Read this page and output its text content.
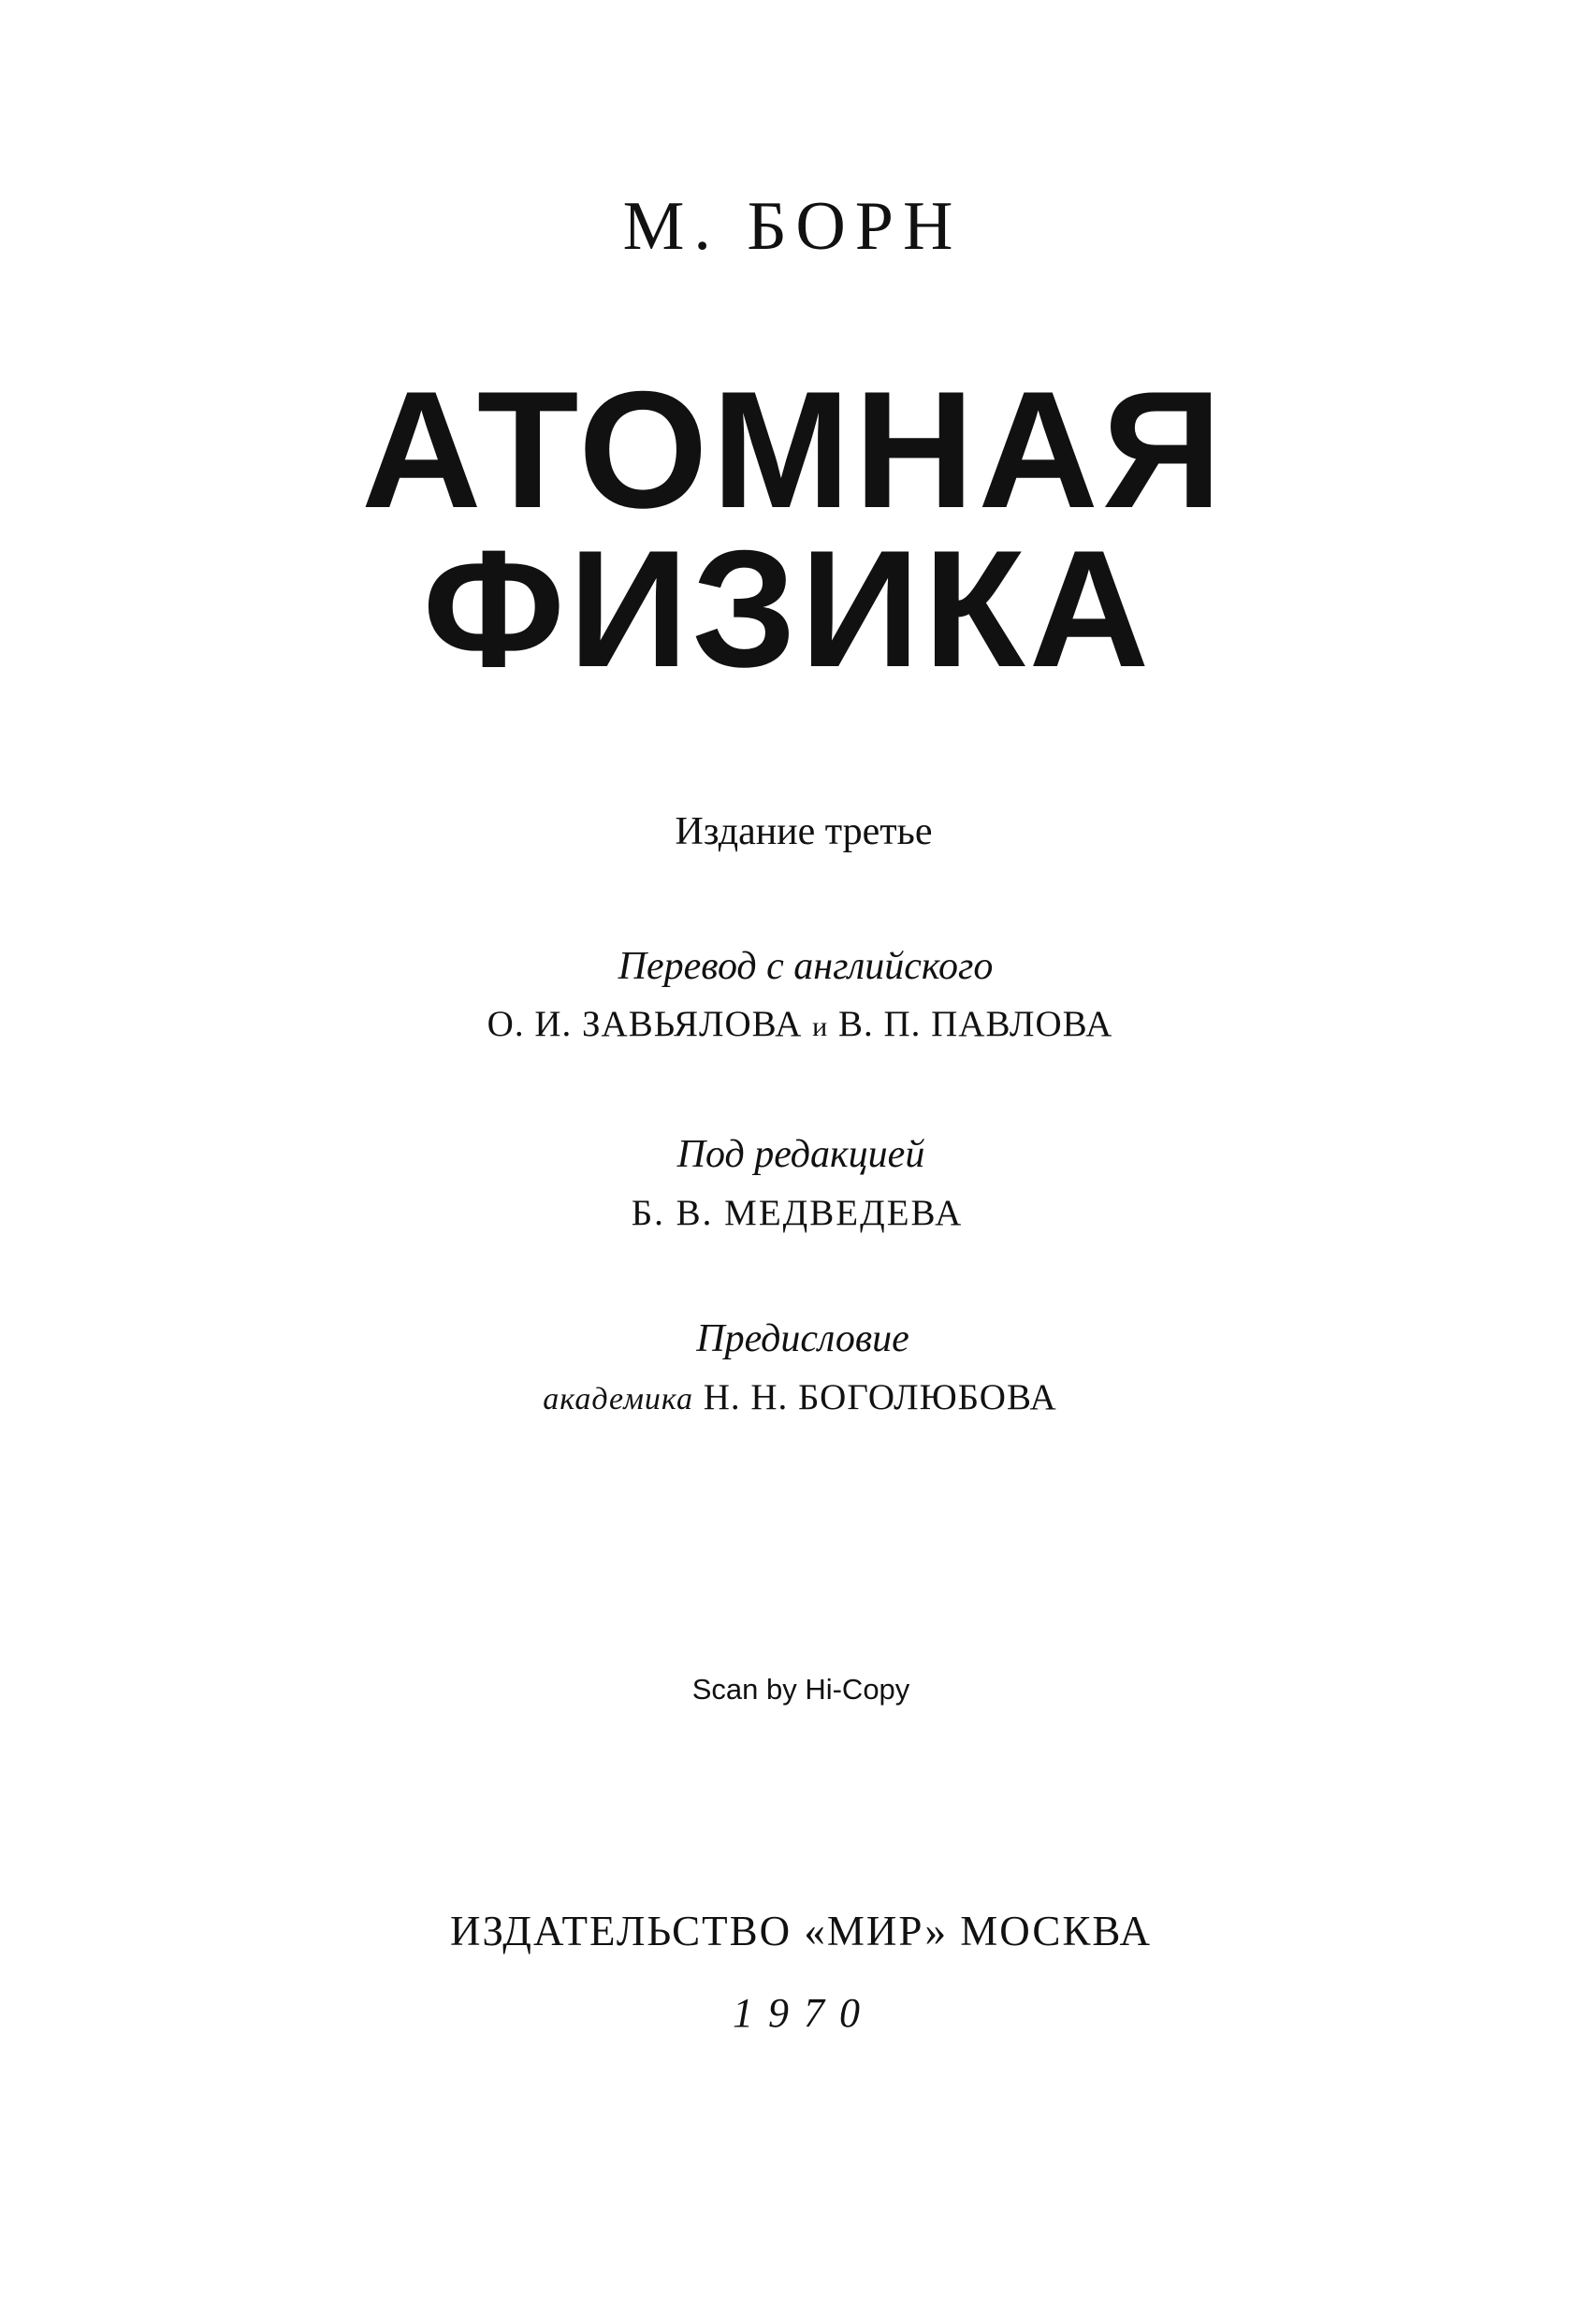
М. БОРН
АТОМНАЯ
ФИЗИКА
Издание третье
Перевод с английского
О. И. ЗАВЬЯЛОВА и В. П. ПАВЛОВА
Под редакцией
Б. В. МЕДВЕДЕВА
Предисловие
академика Н. Н. БОГОЛЮБОВА
Scan by Hi-Copy
ИЗДАТЕЛЬСТВО «МИР» МОСКВА
1970
